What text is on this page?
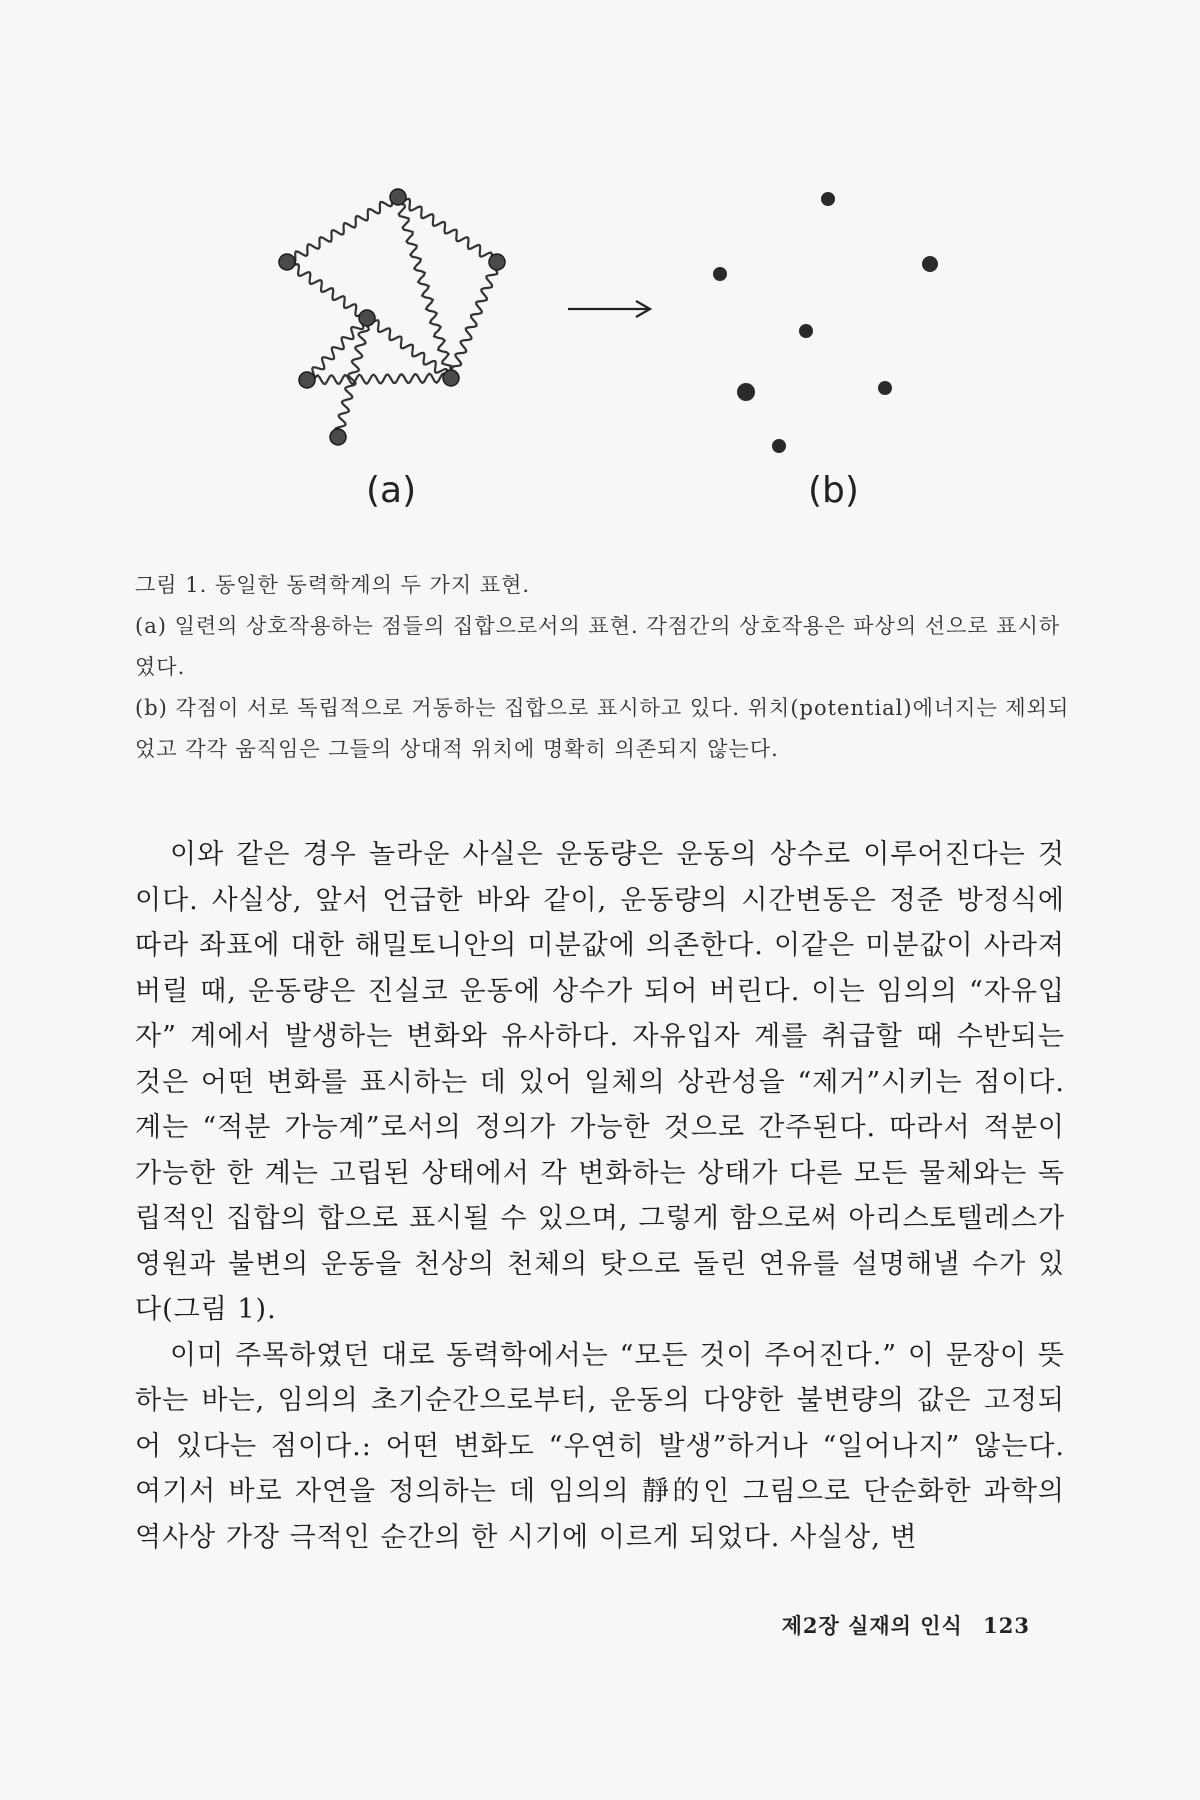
(a)	(b)

그림 1. 동일한 동력학계의 두 가지 표현.

(a) 일련의 상호작용하는 점들의 집합으로서의 표현. 각점간의 상호작용은 파상의 선으로 표시하였다.

(b) 각점이 서로 독립적으로 거동하는 집합으로 표시하고 있다. 위치(potential)에너지는 제외되었고 각각 움직임은 그들의 상대적 위치에 명확히 의존되지 않는다.

이와 같은 경우 놀라운 사실은 운동량은 운동의 상수로 이루어진다는 것이다. 사실상, 앞서 언급한 바와 같이, 운동량의 시간변동은 정준 방정식에 따라 좌표에 대한 해밀토니안의 미분값에 의존한다. 이같은 미분값이 사라져 버릴 때, 운동량은 진실코 운동에 상수가 되어 버린다. 이는 임의의 “자유입자” 계에서 발생하는 변화와 유사하다. 자유입자 계를 취급할 때 수반되는 것은 어떤 변화를 표시하는 데 있어 일체의 상관성을 “제거”시키는 점이다. 계는 “적분 가능계”로서의 정의가 가능한 것으로 간주된다. 따라서 적분이 가능한 한 계는 고립된 상태에서 각 변화하는 상태가 다른 모든 물체와는 독립적인 집합의 합으로 표시될 수 있으며, 그렇게 함으로써 아리스토텔레스가 영원과 불변의 운동을 천상의 천체의 탓으로 돌린 연유를 설명해낼 수가 있다(그림 1).

이미 주목하였던 대로 동력학에서는 “모든 것이 주어진다.” 이 문장이 뜻하는 바는, 임의의 초기순간으로부터, 운동의 다양한 불변량의 값은 고정되어 있다는 점이다.: 어떤 변화도 “우연히 발생”하거나 “일어나지” 않는다. 여기서 바로 자연을 정의하는 데 임의의 靜的인 그림으로 단순화한 과학의 역사상 가장 극적인 순간의 한 시기에 이르게 되었다. 사실상, 변

제2장 실재의 인식 123
